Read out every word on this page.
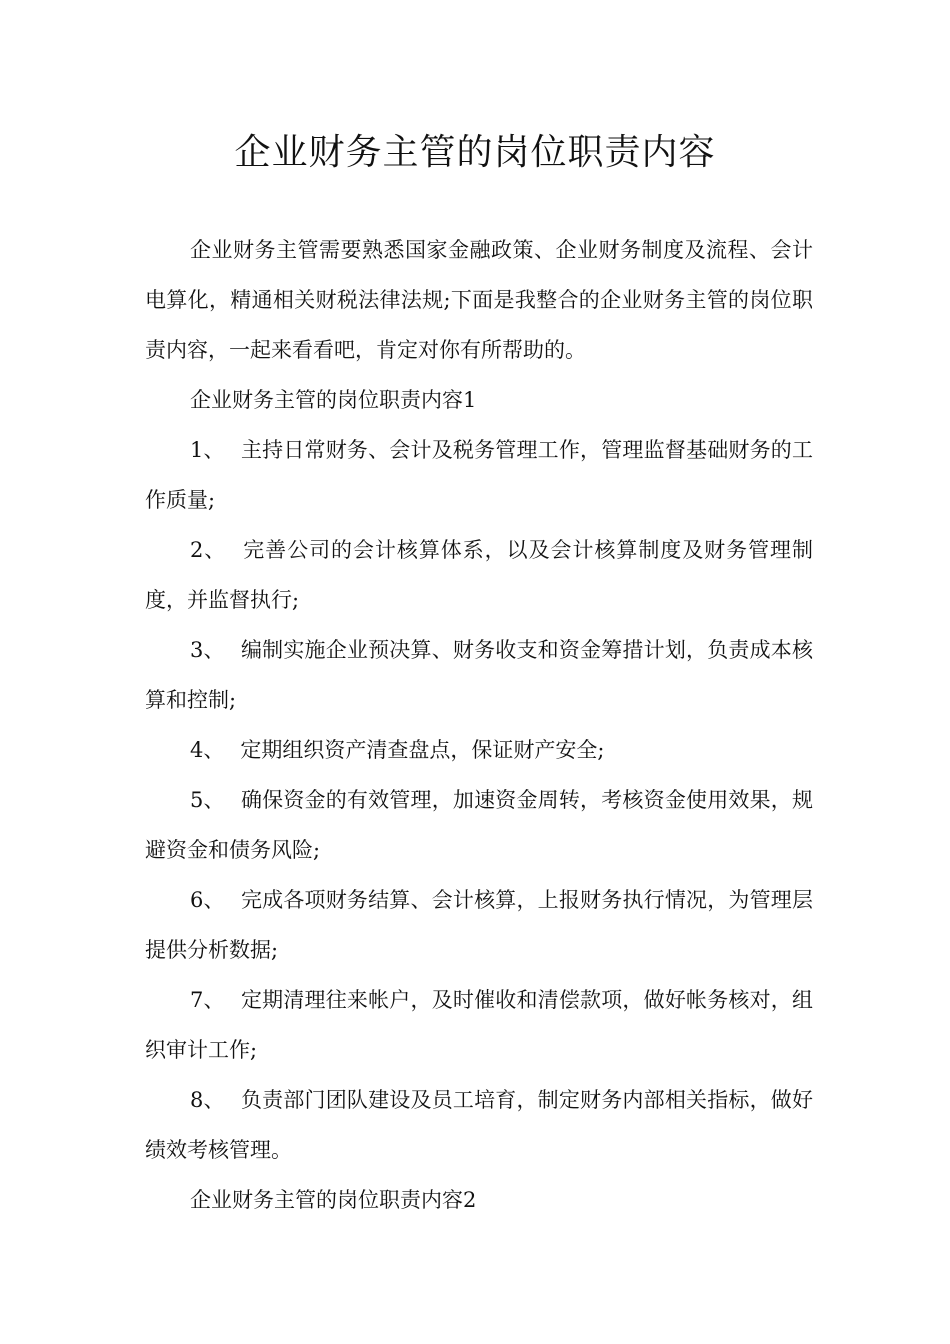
企业财务主管的岗位职责内容

企业财务主管需要熟悉国家金融政策、企业财务制度及流程、会计电算化，精通相关财税法律法规;下面是我整合的企业财务主管的岗位职责内容，一起来看看吧，肯定对你有所帮助的。

企业财务主管的岗位职责内容1

1、 主持日常财务、会计及税务管理工作，管理监督基础财务的工作质量;

2、 完善公司的会计核算体系，以及会计核算制度及财务管理制度，并监督执行;

3、 编制实施企业预决算、财务收支和资金筹措计划，负责成本核算和控制;

4、 定期组织资产清查盘点，保证财产安全;

5、 确保资金的有效管理，加速资金周转，考核资金使用效果，规避资金和债务风险;

6、 完成各项财务结算、会计核算，上报财务执行情况，为管理层提供分析数据;

7、 定期清理往来帐户，及时催收和清偿款项，做好帐务核对，组织审计工作;

8、 负责部门团队建设及员工培育，制定财务内部相关指标，做好绩效考核管理。

企业财务主管的岗位职责内容2
